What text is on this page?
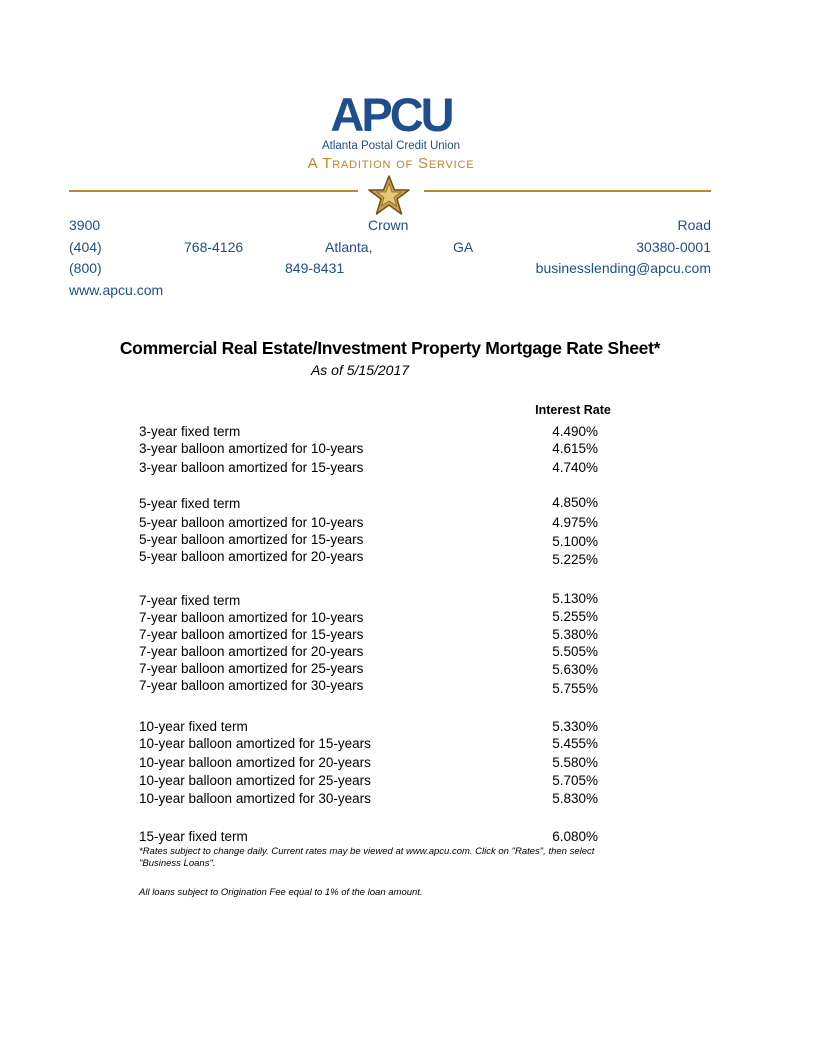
APCU
Atlanta Postal Credit Union
A Tradition of Service
3900	Crown	Road
(404)	768-4126	Atlanta,	GA	30380-0001
(800)	849-8431	businesslending@apcu.com
www.apcu.com
Commercial Real Estate/Investment Property Mortgage Rate Sheet*
As of 5/15/2017
Interest Rate
3-year fixed term	4.490%
3-year balloon amortized for 10-years	4.615%
3-year balloon amortized for 15-years	4.740%
5-year fixed term	4.850%
5-year balloon amortized for 10-years	4.975%
5-year balloon amortized for 15-years	5.100%
5-year balloon amortized for 20-years	5.225%
7-year fixed term	5.130%
7-year balloon amortized for 10-years	5.255%
7-year balloon amortized for 15-years	5.380%
7-year balloon amortized for 20-years	5.505%
7-year balloon amortized for 25-years	5.630%
7-year balloon amortized for 30-years	5.755%
10-year fixed term	5.330%
10-year balloon amortized for 15-years	5.455%
10-year balloon amortized for 20-years	5.580%
10-year balloon amortized for 25-years	5.705%
10-year balloon amortized for 30-years	5.830%
15-year fixed term	6.080%
*Rates subject to change daily. Current rates may be viewed at www.apcu.com. Click on "Rates", then select
"Business Loans".
All loans subject to Origination Fee equal to 1% of the loan amount.
